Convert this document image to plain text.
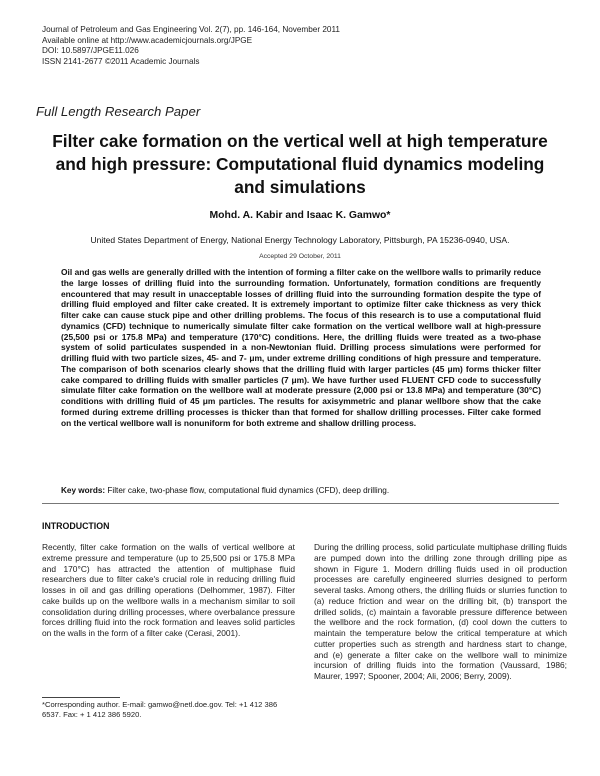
Journal of Petroleum and Gas Engineering Vol. 2(7), pp. 146-164, November 2011
Available online at http://www.academicjournals.org/JPGE
DOI: 10.5897/JPGE11.026
ISSN 2141-2677 ©2011 Academic Journals
Full Length Research Paper
Filter cake formation on the vertical well at high temperature and high pressure: Computational fluid dynamics modeling and simulations
Mohd. A. Kabir and Isaac K. Gamwo*
United States Department of Energy, National Energy Technology Laboratory, Pittsburgh, PA 15236-0940, USA.
Accepted 29 October, 2011
Oil and gas wells are generally drilled with the intention of forming a filter cake on the wellbore walls to primarily reduce the large losses of drilling fluid into the surrounding formation. Unfortunately, formation conditions are frequently encountered that may result in unacceptable losses of drilling fluid into the surrounding formation despite the type of drilling fluid employed and filter cake created. It is extremely important to optimize filter cake thickness as very thick filter cake can cause stuck pipe and other drilling problems. The focus of this research is to use a computational fluid dynamics (CFD) technique to numerically simulate filter cake formation on the vertical wellbore wall at high-pressure (25,500 psi or 175.8 MPa) and temperature (170°C) conditions. Here, the drilling fluids were treated as a two-phase system of solid particulates suspended in a non-Newtonian fluid. Drilling process simulations were performed for drilling fluid with two particle sizes, 45- and 7- μm, under extreme drilling conditions of high pressure and temperature. The comparison of both scenarios clearly shows that the drilling fluid with larger particles (45 μm) forms thicker filter cake compared to drilling fluids with smaller particles (7 μm). We have further used FLUENT CFD code to successfully simulate filter cake formation on the wellbore wall at moderate pressure (2,000 psi or 13.8 MPa) and temperature (30°C) conditions with drilling fluid of 45 μm particles. The results for axisymmetric and planar wellbore show that the cake formed during extreme drilling processes is thicker than that formed for shallow drilling processes. Filter cake formed on the vertical wellbore wall is nonuniform for both extreme and shallow drilling process.
Key words: Filter cake, two-phase flow, computational fluid dynamics (CFD), deep drilling.
INTRODUCTION
Recently, filter cake formation on the walls of vertical wellbore at extreme pressure and temperature (up to 25,500 psi or 175.8 MPa and 170°C) has attracted the attention of multiphase fluid researchers due to filter cake's crucial role in reducing drilling fluid losses in oil and gas drilling operations (Delhommer, 1987). Filter cake builds up on the wellbore walls in a mechanism similar to soil consolidation during drilling processes, where overbalance pressure forces drilling fluid into the rock formation and leaves solid particles on the walls in the form of a filter cake (Cerasi, 2001).
During the drilling process, solid particulate multiphase drilling fluids are pumped down into the drilling zone through drilling pipe as shown in Figure 1. Modern drilling fluids used in oil production processes are carefully engineered slurries designed to perform several tasks. Among others, the drilling fluids or slurries function to (a) reduce friction and wear on the drilling bit, (b) transport the drilled solids, (c) maintain a favorable pressure difference between the wellbore and the rock formation, (d) cool down the cutters to maintain the temperature below the critical temperature at which cutter properties such as strength and hardness start to change, and (e) generate a filter cake on the wellbore wall to minimize incursion of drilling fluids into the formation (Vaussard, 1986; Maurer, 1997; Spooner, 2004; Ali, 2006; Berry, 2009).
*Corresponding author. E-mail: gamwo@netl.doe.gov. Tel: +1 412 386 6537. Fax: + 1 412 386 5920.
